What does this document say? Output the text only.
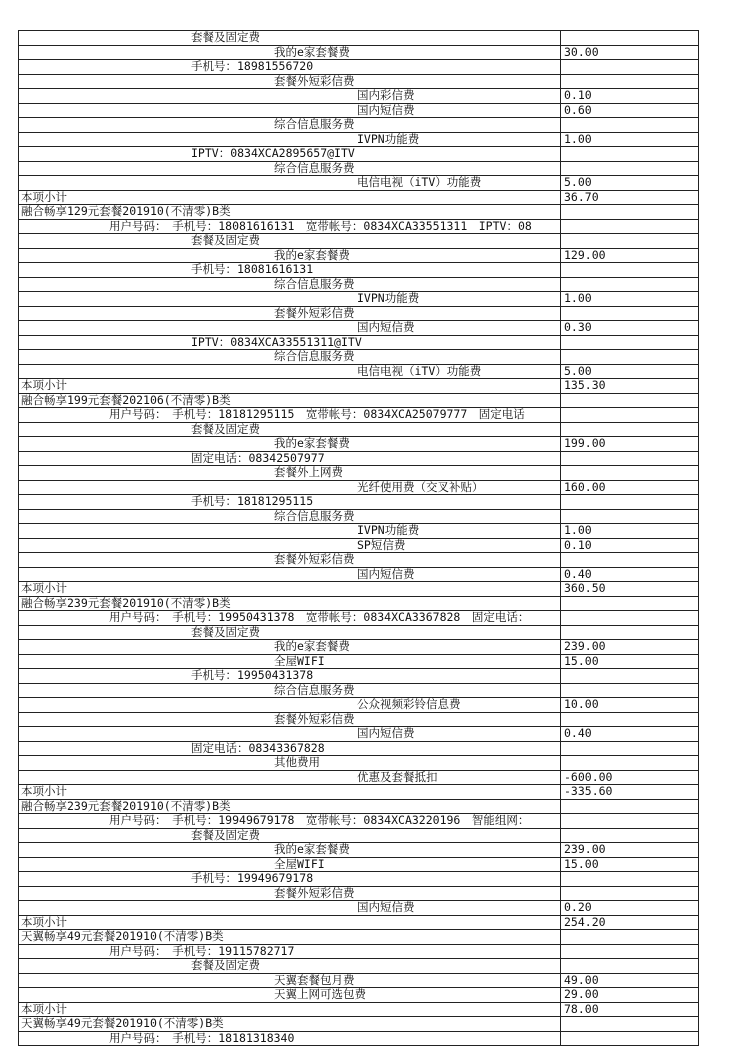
套餐及固定费
我的e家套餐费	30.00
手机号：18981556720
套餐外短彩信费
国内彩信费	0.10
国内短信费	0.60
综合信息服务费
IVPN功能费	1.00
IPTV：0834XCA2895657@ITV
综合信息服务费
电信电视（iTV）功能费	5.00
本项小计	36.70
融合畅享129元套餐201910(不清零)B类
用户号码：　手机号：18081616131　宽带帐号：0834XCA33551311　IPTV：08
套餐及固定费
我的e家套餐费	129.00
手机号：18081616131
综合信息服务费
IVPN功能费	1.00
套餐外短彩信费
国内短信费	0.30
IPTV：0834XCA33551311@ITV
综合信息服务费
电信电视（iTV）功能费	5.00
本项小计	135.30
融合畅享199元套餐202106(不清零)B类
用户号码：　手机号：18181295115　宽带帐号：0834XCA25079777　固定电话
套餐及固定费
我的e家套餐费	199.00
固定电话：08342507977
套餐外上网费
光纤使用费（交叉补贴）	160.00
手机号：18181295115
综合信息服务费
IVPN功能费	1.00
SP短信费	0.10
套餐外短彩信费
国内短信费	0.40
本项小计	360.50
融合畅享239元套餐201910(不清零)B类
用户号码：　手机号：19950431378　宽带帐号：0834XCA3367828　固定电话：
套餐及固定费
我的e家套餐费	239.00
全屋WIFI	15.00
手机号：19950431378
综合信息服务费
公众视频彩铃信息费	10.00
套餐外短彩信费
国内短信费	0.40
固定电话：08343367828
其他费用
优惠及套餐抵扣	-600.00
本项小计	-335.60
融合畅享239元套餐201910(不清零)B类
用户号码：　手机号：19949679178　宽带帐号：0834XCA3220196　智能组网：
套餐及固定费
我的e家套餐费	239.00
全屋WIFI	15.00
手机号：19949679178
套餐外短彩信费
国内短信费	0.20
本项小计	254.20
天翼畅享49元套餐201910(不清零)B类
用户号码：　手机号：19115782717
套餐及固定费
天翼套餐包月费	49.00
天翼上网可选包费	29.00
本项小计	78.00
天翼畅享49元套餐201910(不清零)B类
用户号码：　手机号：18181318340
